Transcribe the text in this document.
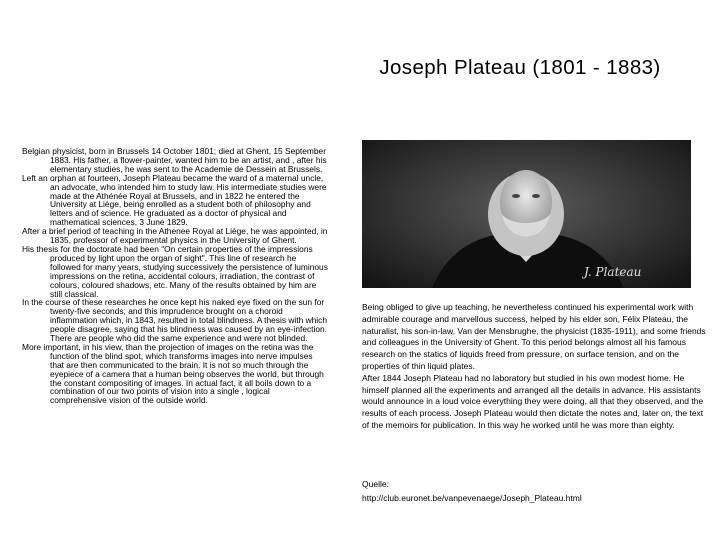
Joseph Plateau (1801 - 1883)

Belgian physicist, born in Brussels 14 October 1801; died at Ghent, 15 September 1883. His father, a flower-painter, wanted him to be an artist, and , after his elementary studies, he was sent to the Academie de Dessein at Brussels.

Left an orphan at fourteen, Joseph Plateau became the ward of a maternal uncle, an advocate, who intended him to study law. His intermediate studies were made at the Athénée Royal at Brussels, and in 1822 he entered the University at Liège, being enrolled as a student both of philosophy and letters and of science. He graduated as a doctor of physical and mathematical sciences, 3 June 1829.

After a brief period of teaching in the Athenee Royal at Liège, he was appointed, in 1835, professor of experimental physics in the University of Ghent.

His thesis for the doctorate had been "On certain properties of the impressions produced by light upon the organ of sight". This line of research he followed for many years, studying successively the persistence of luminous impressions on the retina, accidental colours, irradiation, the contrast of colours, coloured shadows, etc. Many of the results obtained by him are still classical.

In the course of these researches he once kept his naked eye fixed on the sun for twenty-five seconds, and this imprudence brought on a choroid inflammation which, in 1843, resulted in total blindness. A thesis with which people disagree, saying that his blindness was caused by an eye-infection. There are people who did the same experience and were not blinded.

More important, in his view, than the projection of images on the retina was the function of the blind spot, which transforms images into nerve impulses that are then communicated to the brain. It is not so much through the eyepiece of a camera that a human being observes the world, but through the constant compositing of images. In actual fact, it all boils down to a combination of our two points of vision into a single , logical comprehensive vision of the outside world.

J. Plateau

Being obliged to give up teaching, he nevertheless continued his experimental work with admirable courage and marvellous success, helped by his elder son, Félix Plateau, the naturalist, his son-in-law, Van der Mensbrughe, the physicist (1835-1911), and some friends and colleagues in the University of Ghent. To this period belongs almost all his famous research on the statics of liquids freed from pressure, on surface tension, and on the properties of thin liquid plates.

After 1844 Joseph Plateau had no laboratory but studied in his own modest home. He himself planned all the experiments and arranged all the details in advance. His assistants would announce in a loud voice everything they were doing, all that they observed, and the results of each process. Joseph Plateau would then dictate the notes and, later on, the text of the memoirs for publication. In this way he worked until he was more than eighty.

Quelle:

http://club.euronet.be/vanpevenaege/Joseph_Plateau.html
